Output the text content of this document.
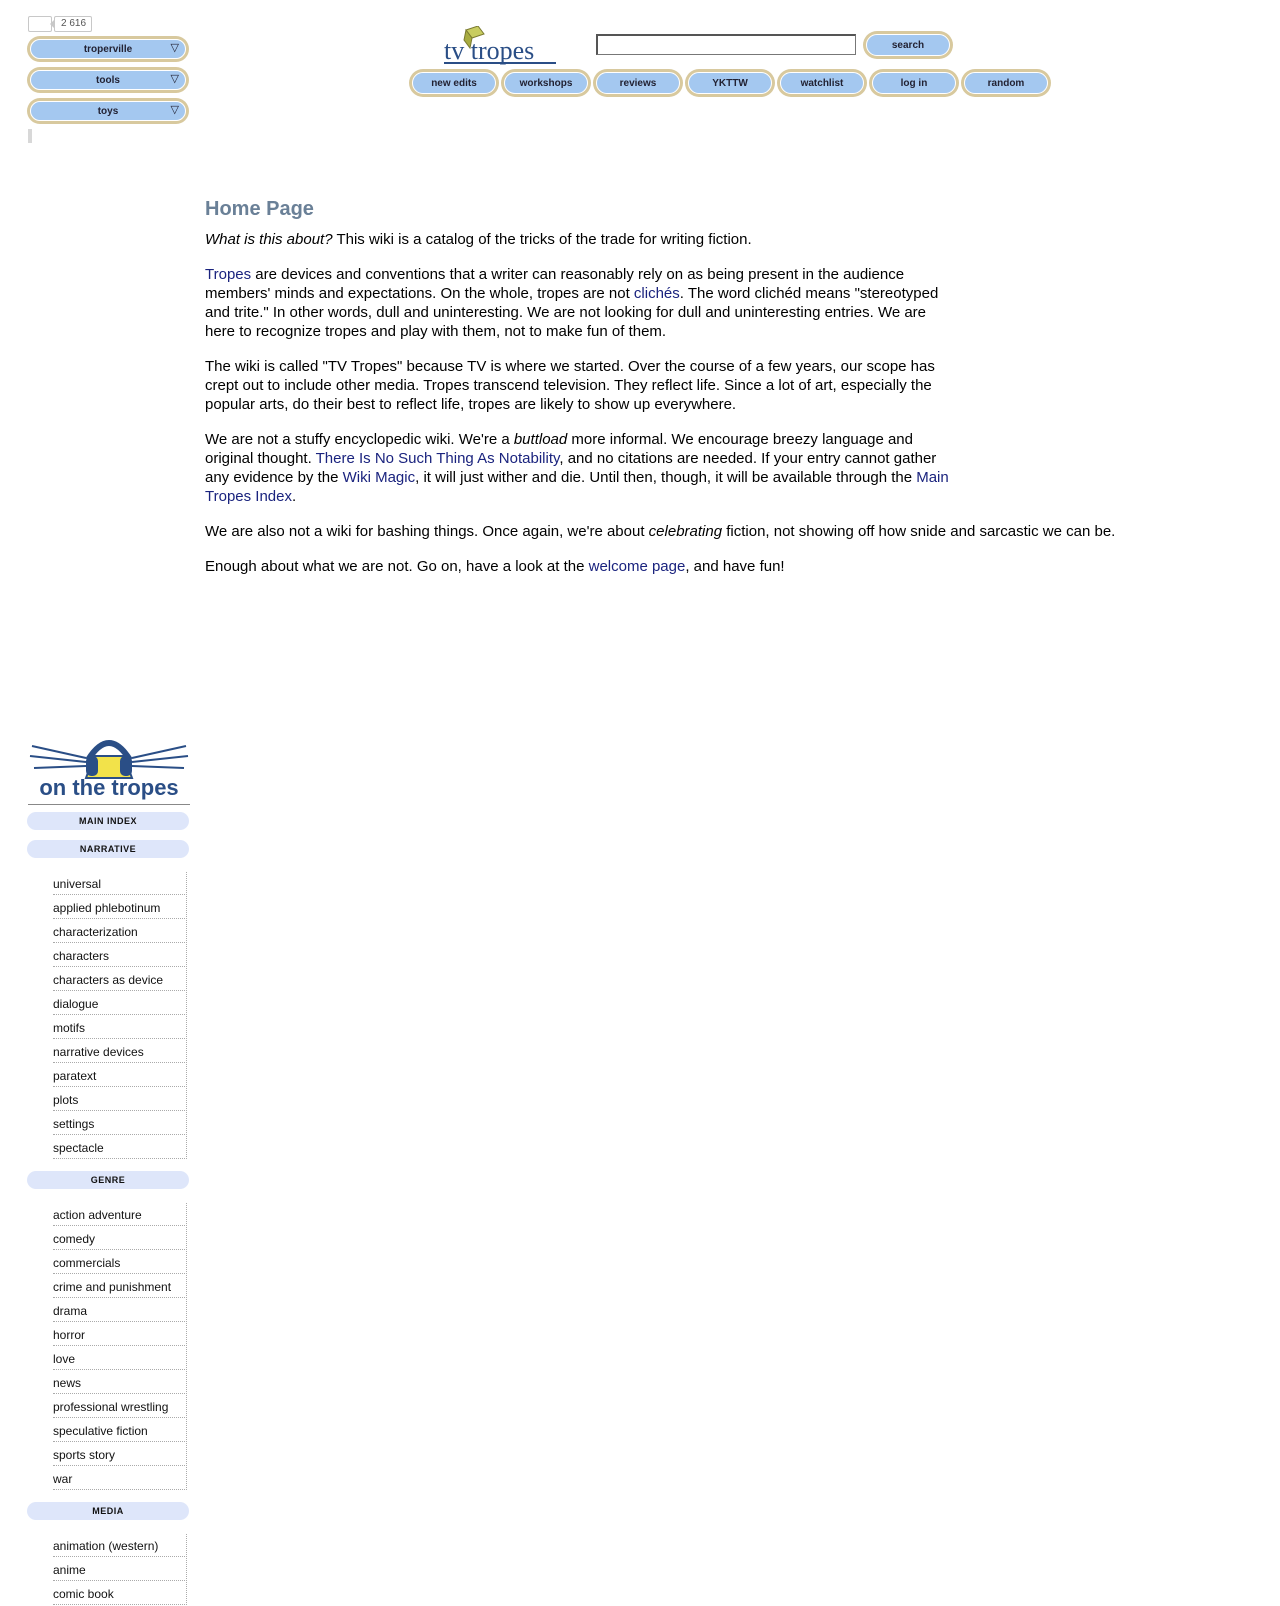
2 616
troperville	▽
tools	▽
toys	▽
tv tropes	search
new edits	workshops	reviews	YKTTW	watchlist	log in	random
Home Page

What is this about? This wiki is a catalog of the tricks of the trade for writing fiction.

Tropes are devices and conventions that a writer can reasonably rely on as being present in the audience members' minds and expectations. On the whole, tropes are not clichés. The word clichéd means "stereotyped and trite." In other words, dull and uninteresting. We are not looking for dull and uninteresting entries. We are here to recognize tropes and play with them, not to make fun of them.

The wiki is called "TV Tropes" because TV is where we started. Over the course of a few years, our scope has crept out to include other media. Tropes transcend television. They reflect life. Since a lot of art, especially the popular arts, do their best to reflect life, tropes are likely to show up everywhere.

We are not a stuffy encyclopedic wiki. We're a buttload more informal. We encourage breezy language and original thought. There Is No Such Thing As Notability, and no citations are needed. If your entry cannot gather any evidence by the Wiki Magic, it will just wither and die. Until then, though, it will be available through the Main Tropes Index.

We are also not a wiki for bashing things. Once again, we're about celebrating fiction, not showing off how snide and sarcastic we can be.

Enough about what we are not. Go on, have a look at the welcome page, and have fun!

on the tropes
MAIN INDEX
NARRATIVE
universal
applied phlebotinum
characterization
characters
characters as device
dialogue
motifs
narrative devices
paratext
plots
settings
spectacle
GENRE
action adventure
comedy
commercials
crime and punishment
drama
horror
love
news
professional wrestling
speculative fiction
sports story
war
MEDIA
animation (western)
anime
comic book
